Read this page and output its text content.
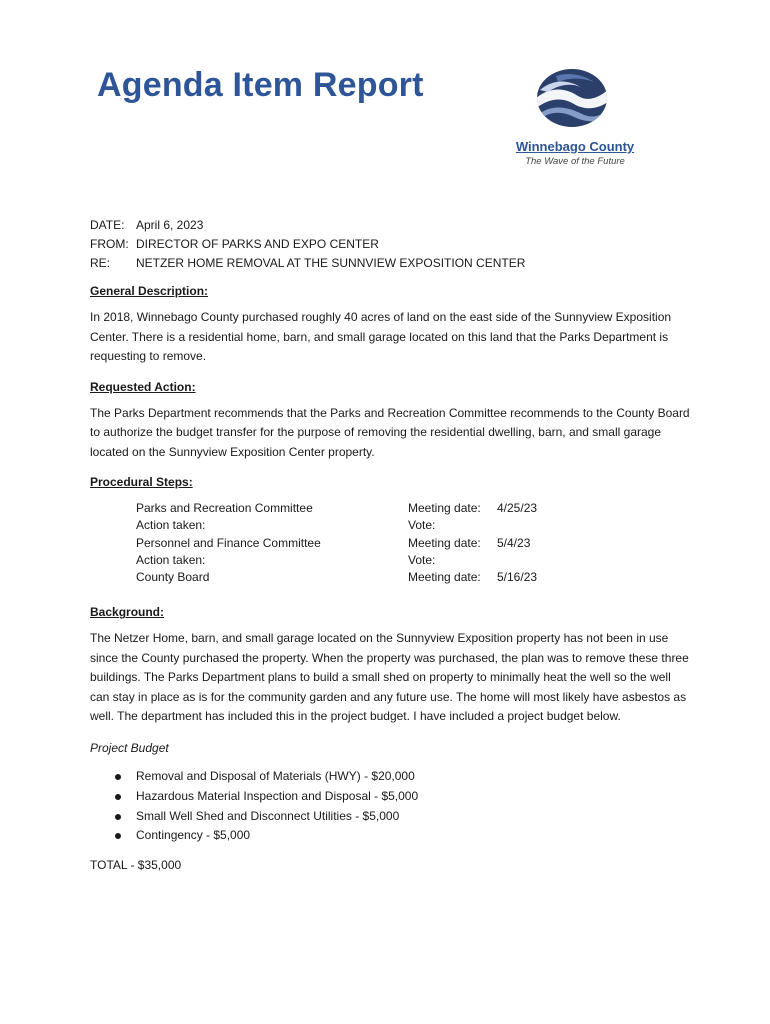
Agenda Item Report
Winnebago County
The Wave of the Future
DATE: April 6, 2023
FROM: DIRECTOR OF PARKS AND EXPO CENTER
RE:	NETZER HOME REMOVAL AT THE SUNNVIEW EXPOSITION CENTER
General Description:
In 2018, Winnebago County purchased roughly 40 acres of land on the east side of the Sunnyview Exposition Center. There is a residential home, barn, and small garage located on this land that the Parks Department is requesting to remove.
Requested Action:
The Parks Department recommends that the Parks and Recreation Committee recommends to the County Board to authorize the budget transfer for the purpose of removing the residential dwelling, barn, and small garage located on the Sunnyview Exposition Center property.
Procedural Steps:
Parks and Recreation Committee	Meeting date:	4/25/23
Action taken:	Vote:
Personnel and Finance Committee	Meeting date:	5/4/23
Action taken:	Vote:
County Board	Meeting date:	5/16/23
Background:
The Netzer Home, barn, and small garage located on the Sunnyview Exposition property has not been in use since the County purchased the property. When the property was purchased, the plan was to remove these three buildings. The Parks Department plans to build a small shed on property to minimally heat the well so the well can stay in place as is for the community garden and any future use. The home will most likely have asbestos as well. The department has included this in the project budget. I have included a project budget below.
Project Budget
Removal and Disposal of Materials (HWY) - $20,000
Hazardous Material Inspection and Disposal - $5,000
Small Well Shed and Disconnect Utilities - $5,000
Contingency - $5,000
TOTAL - $35,000
